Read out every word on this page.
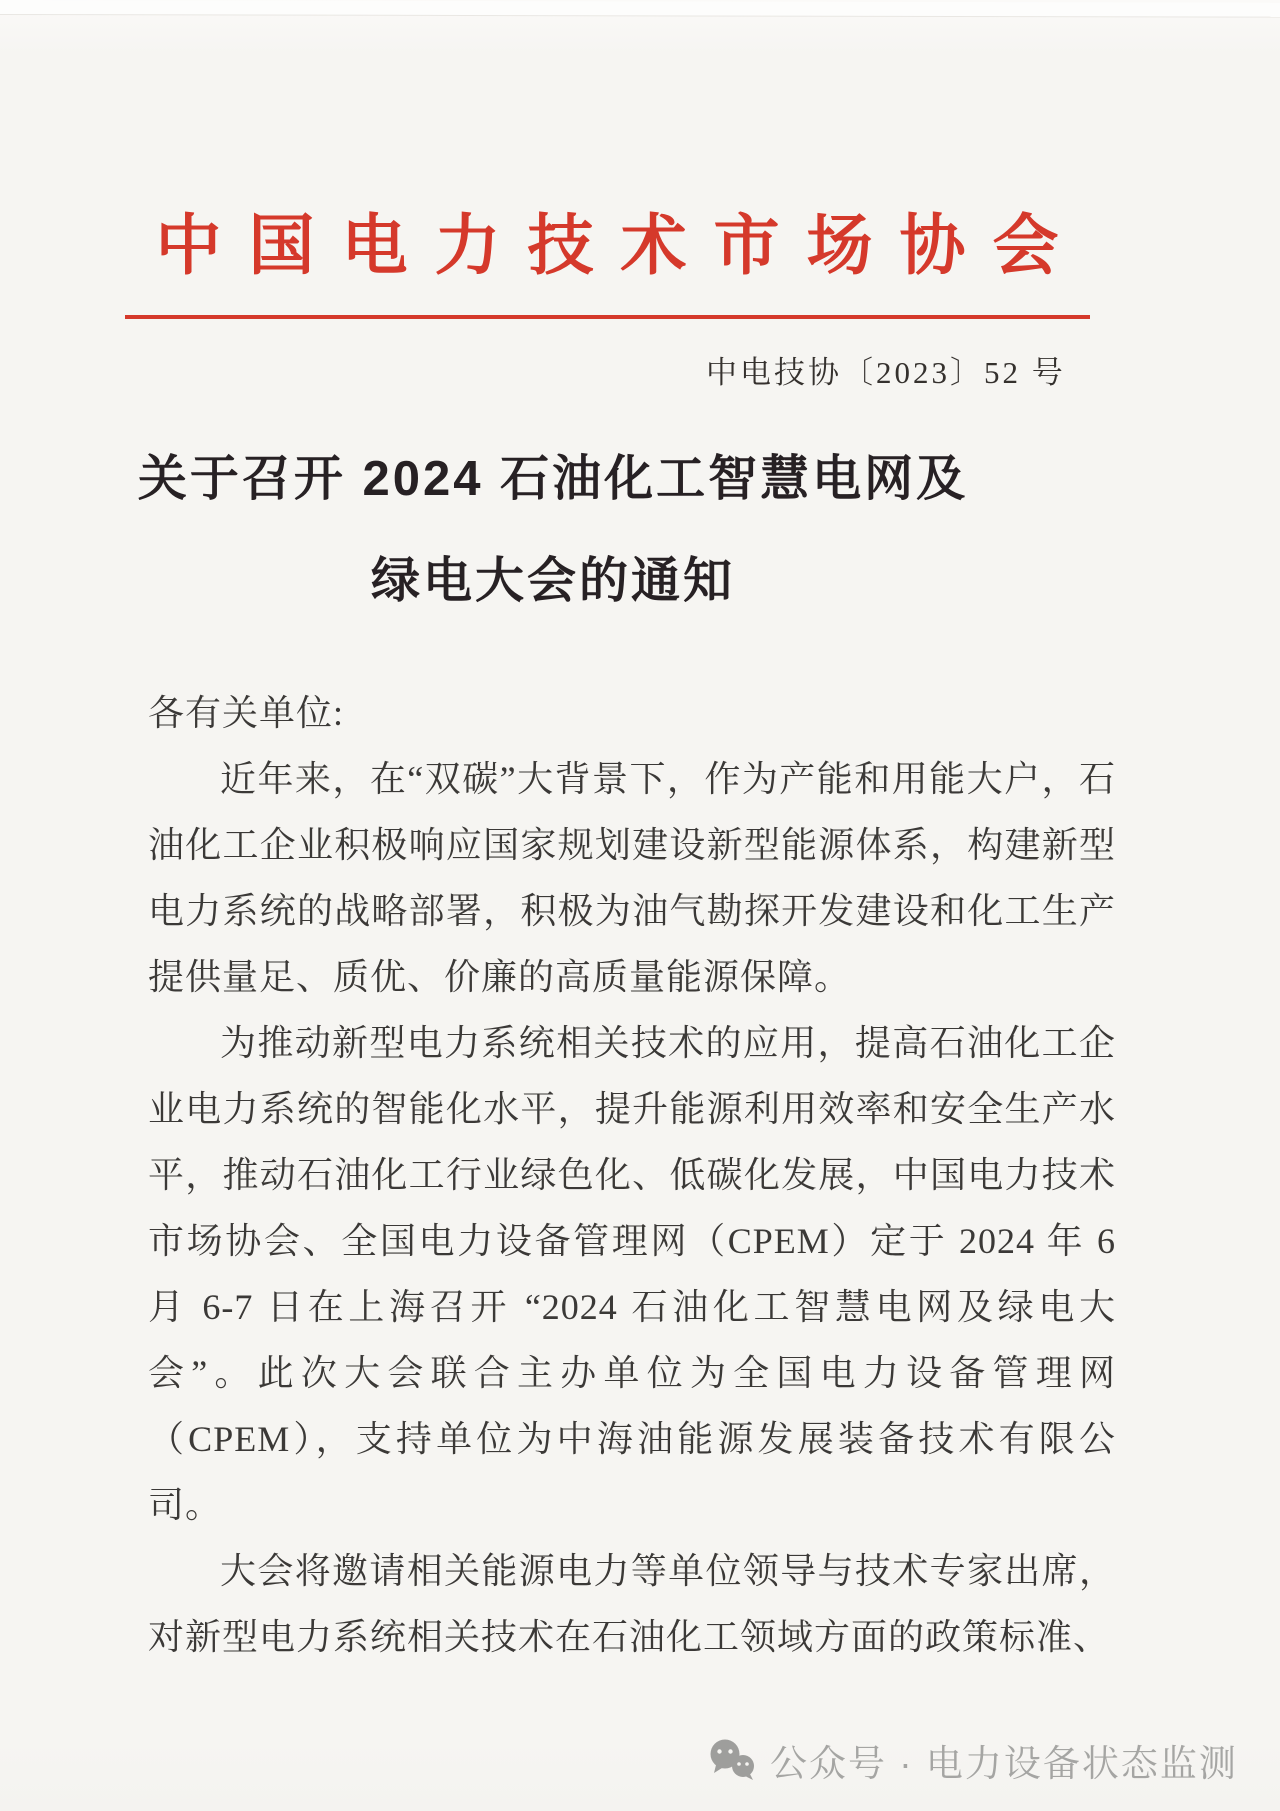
中国电力技术市场协会
中电技协〔2023〕52 号
关于召开 2024 石油化工智慧电网及
绿电大会的通知

各有关单位:

近年来，在“双碳”大背景下，作为产能和用能大户，石油化工企业积极响应国家规划建设新型能源体系，构建新型电力系统的战略部署，积极为油气勘探开发建设和化工生产提供量足、质优、价廉的高质量能源保障。

为推动新型电力系统相关技术的应用，提高石油化工企业电力系统的智能化水平，提升能源利用效率和安全生产水平，推动石油化工行业绿色化、低碳化发展，中国电力技术市场协会、全国电力设备管理网（CPEM）定于 2024 年 6 月 6-7 日在上海召开 “2024 石油化工智慧电网及绿电大会”。此次大会联合主办单位为全国电力设备管理网（CPEM），支持单位为中海油能源发展装备技术有限公司。

大会将邀请相关能源电力等单位领导与技术专家出席，对新型电力系统相关技术在石油化工领域方面的政策标准、

公众号 · 电力设备状态监测
